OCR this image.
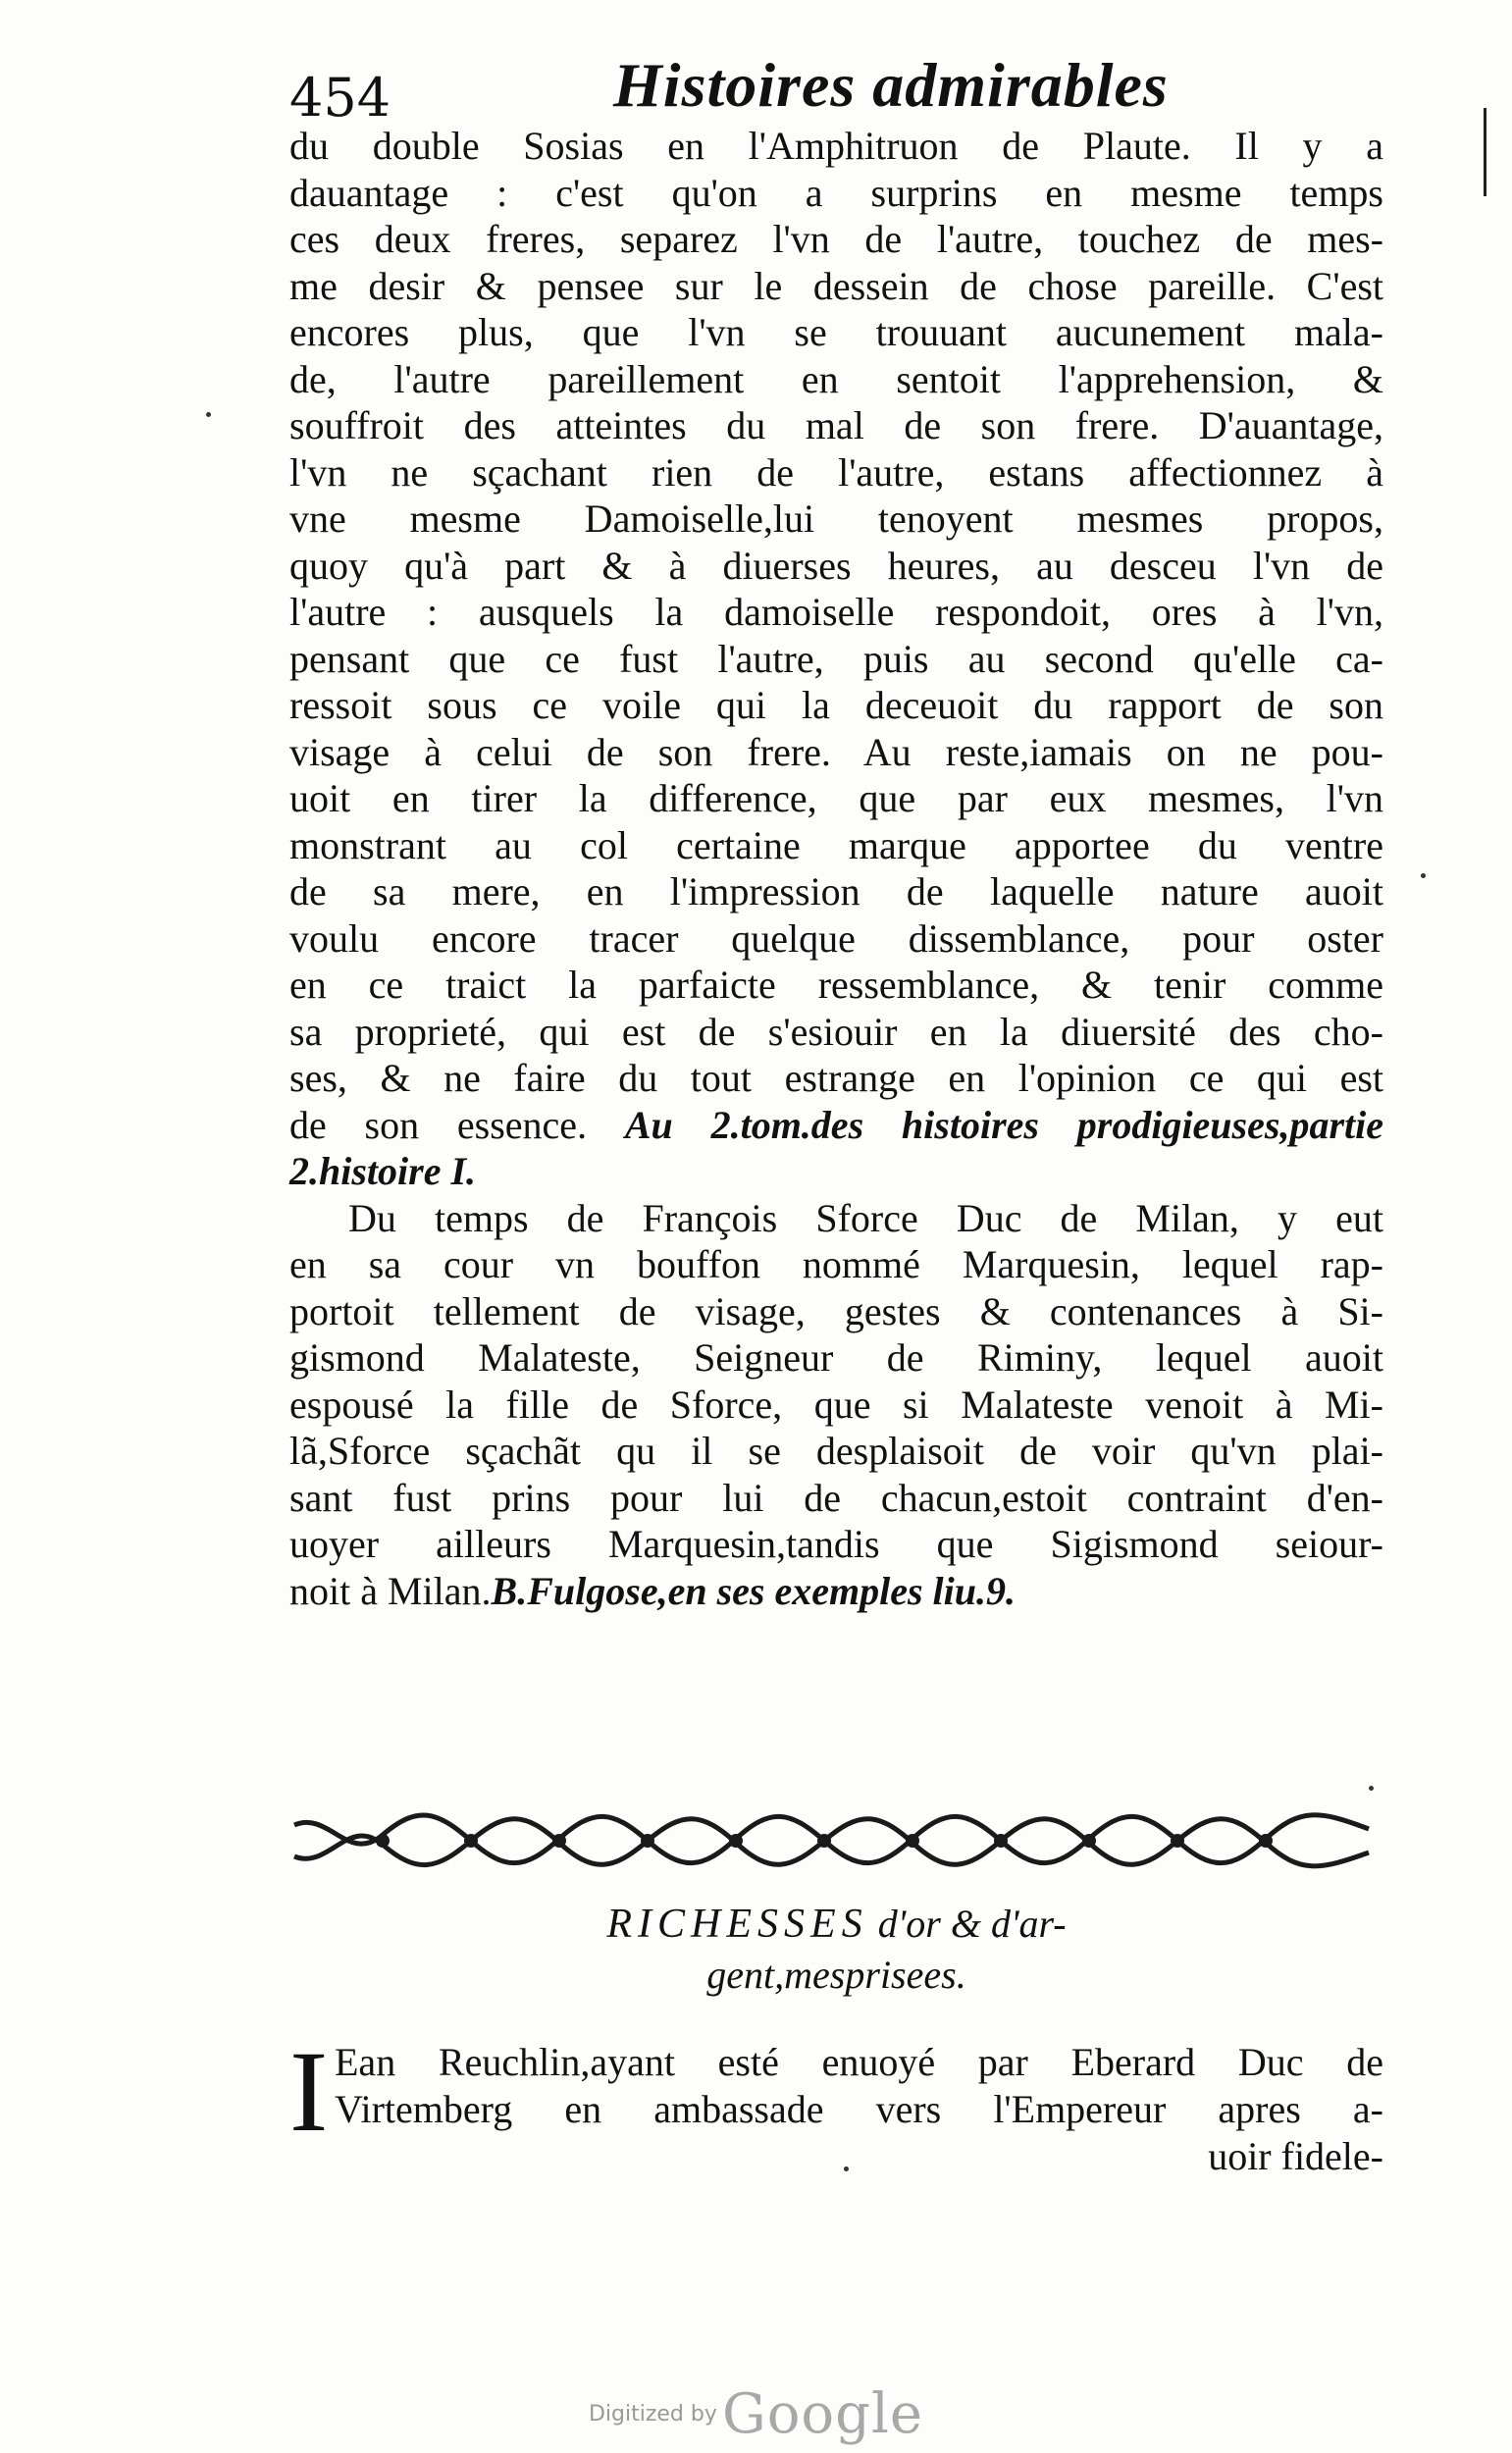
454	Histoires admirables
du double Sosias en l'Amphitruon de Plaute. Il y a
dauantage : c'est qu'on a surprins en mesme temps
ces deux freres, separez l'vn de l'autre, touchez de mes-
me desir & pensee sur le dessein de chose pareille. C'est
encores plus, que l'vn se trouuant aucunement mala-
de, l'autre pareillement en sentoit l'apprehension, &
souffroit des atteintes du mal de son frere. D'auantage,
l'vn ne sçachant rien de l'autre, estans affectionnez à
vne mesme Damoiselle,lui tenoyent mesmes propos,
quoy qu'à part & à diuerses heures, au desceu l'vn de
l'autre : ausquels la damoiselle respondoit, ores à l'vn,
pensant que ce fust l'autre, puis au second qu'elle ca-
ressoit sous ce voile qui la deceuoit du rapport de son
visage à celui de son frere. Au reste,iamais on ne pou-
uoit en tirer la difference, que par eux mesmes, l'vn
monstrant au col certaine marque apportee du ventre
de sa mere, en l'impression de laquelle nature auoit
voulu encore tracer quelque dissemblance, pour oster
en ce traict la parfaicte ressemblance, & tenir comme
sa proprieté, qui est de s'esiouir en la diuersité des cho-
ses, & ne faire du tout estrange en l'opinion ce qui est
de son essence. Au 2.tom.des histoires prodigieuses,partie
2.histoire I.
Du temps de François Sforce Duc de Milan, y eut
en sa cour vn bouffon nommé Marquesin, lequel rap-
portoit tellement de visage, gestes & contenances à Si-
gismond Malateste, Seigneur de Riminy, lequel auoit
espousé la fille de Sforce, que si Malateste venoit à Mi-
lã,Sforce sçachãt qu il se desplaisoit de voir qu'vn plai-
sant fust prins pour lui de chacun,estoit contraint d'en-
uoyer ailleurs Marquesin,tandis que Sigismond seiour-
noit à Milan.B.Fulgose,en ses exemples liu.9.
RICHESSES d'or & d'ar-
gent,mesprisees.
I Ean Reuchlin,ayant esté enuoyé par Eberard Duc de
Virtemberg en ambassade vers l'Empereur apres a-
uoir fidele-
Digitized by Google
